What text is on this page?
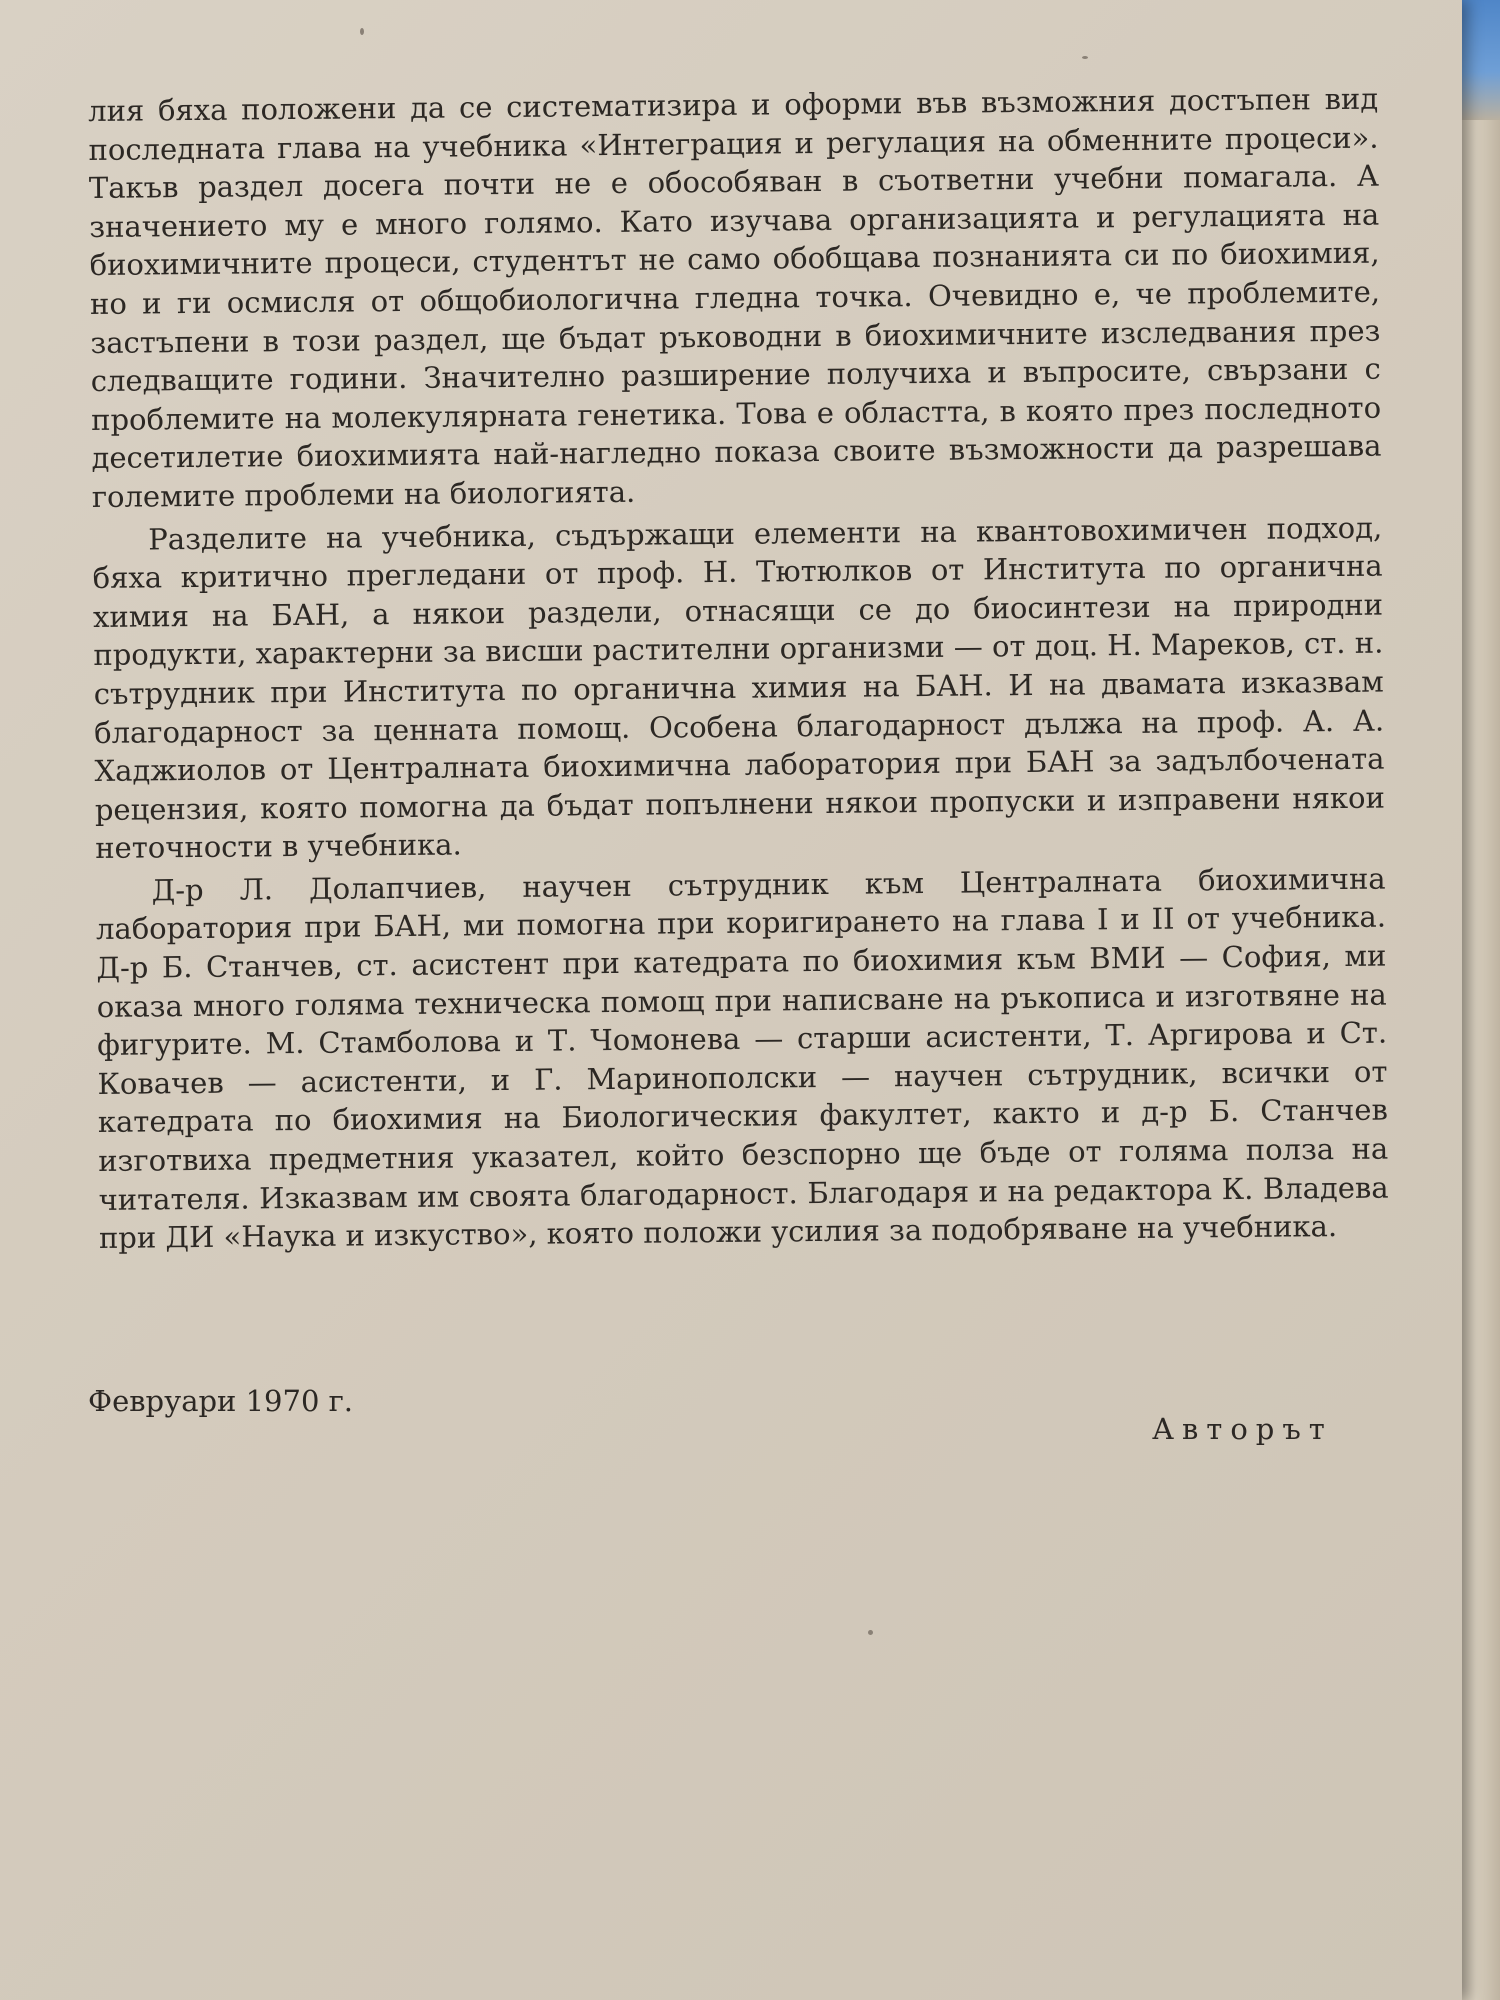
лия бяха положени да се систематизира и оформи във възможния достъпен вид последната глава на учебника «Интеграция и регулация на обменните процеси». Такъв раздел досега почти не е обособяван в съответни учебни помагала. А значението му е много голямо. Като изучава организацията и регулацията на биохимичните процеси, студентът не само обобщава познанията си по биохимия, но и ги осмисля от общобиологична гледна точка. Очевидно е, че проблемите, застъпени в този раздел, ще бъдат ръководни в биохимичните изследвания през следващите години. Значително разширение получиха и въпросите, свързани с проблемите на молекулярната генетика. Това е областта, в която през последното десетилетие биохимията най-нагледно показа своите възможности да разрешава големите проблеми на биологията.

Разделите на учебника, съдържащи елементи на квантовохимичен подход, бяха критично прегледани от проф. Н. Тютюлков от Института по органична химия на БАН, а някои раздели, отнасящи се до биосинтези на природни продукти, характерни за висши растителни организми — от доц. Н. Мареков, ст. н. сътрудник при Института по органична химия на БАН. И на двамата изказвам благодарност за ценната помощ. Особена благодарност дължа на проф. А. А. Хаджиолов от Централната биохимична лаборатория при БАН за задълбочената рецензия, която помогна да бъдат попълнени някои пропуски и изправени някои неточности в учебника.

Д-р Л. Долапчиев, научен сътрудник към Централната биохимична лаборатория при БАН, ми помогна при коригирането на глава I и II от учебника. Д-р Б. Станчев, ст. асистент при катедрата по биохимия към ВМИ — София, ми оказа много голяма техническа помощ при написване на ръкописа и изготвяне на фигурите. М. Стамболова и Т. Чомонева — старши асистенти, Т. Аргирова и Ст. Ковачев — асистенти, и Г. Маринополски — научен сътрудник, всички от катедрата по биохимия на Биологическия факултет, както и д-р Б. Станчев изготвиха предметния указател, който безспорно ще бъде от голяма полза на читателя. Изказвам им своята благодарност. Благодаря и на редактора К. Владева при ДИ «Наука и изкуство», която положи усилия за подобряване на учебника.

Февруари 1970 г.
Авторът
